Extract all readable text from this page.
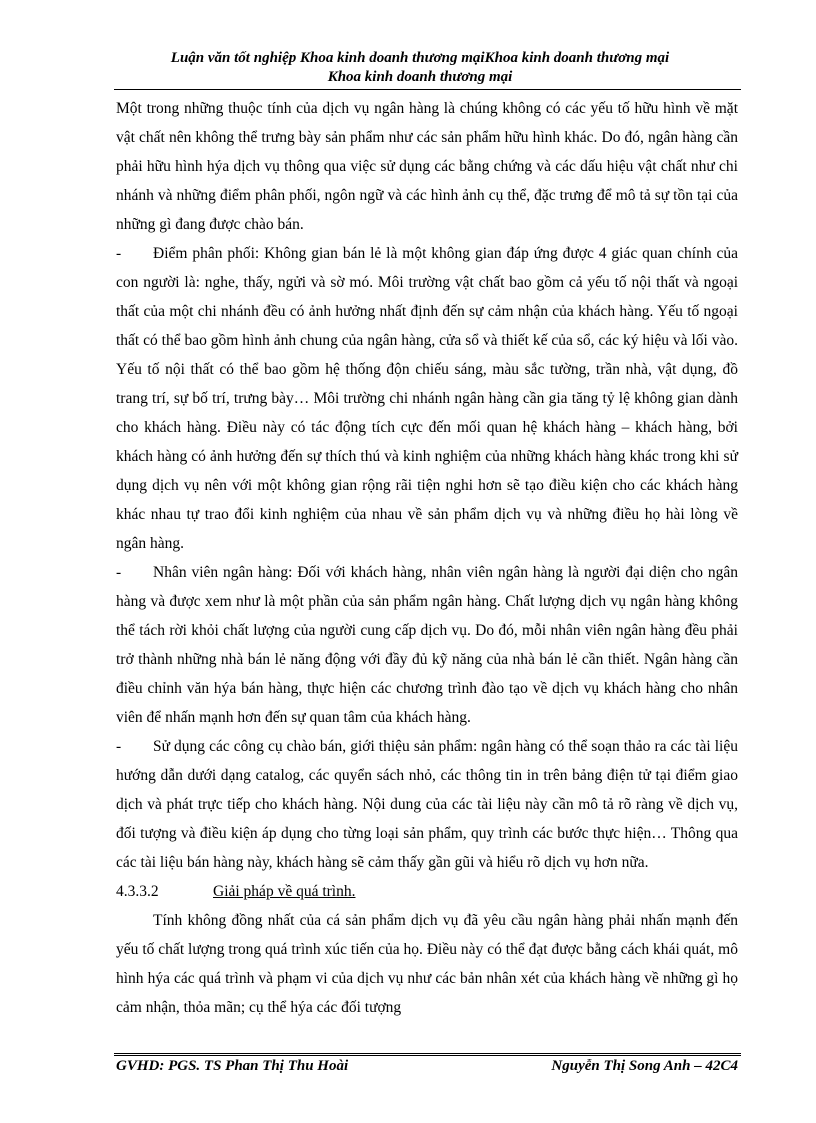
Luận văn tốt nghiệp Khoa kinh doanh thương mạiKhoa kinh doanh thương mại
Khoa kinh doanh thương mại

Một trong những thuộc tính của dịch vụ ngân hàng là chúng không có các yếu tố hữu hình về mặt vật chất nên không thể trưng bày sản phẩm như các sản phẩm hữu hình khác. Do đó, ngân hàng cần phải hữu hình hýa dịch vụ thông qua việc sử dụng các bằng chứng và các dấu hiệu vật chất như chi nhánh và những điểm phân phối, ngôn ngữ và các hình ảnh cụ thể, đặc trưng để mô tả sự tồn tại của những gì đang được chào bán.

- Điểm phân phối: Không gian bán lẻ là một không gian đáp ứng được 4 giác quan chính của con người là: nghe, thấy, ngửi và sờ mó. Môi trường vật chất bao gồm cả yếu tố nội thất và ngoại thất của một chi nhánh đều có ảnh hưởng nhất định đến sự cảm nhận của khách hàng. Yếu tố ngoại thất có thể bao gồm hình ảnh chung của ngân hàng, cửa sổ và thiết kế của sổ, các ký hiệu và lối vào. Yếu tố nội thất có thể bao gồm hệ thống độn chiếu sáng, màu sắc tường, trần nhà, vật dụng, đồ trang trí, sự bố trí, trưng bày… Môi trường chi nhánh ngân hàng cần gia tăng tỷ lệ không gian dành cho khách hàng. Điều này có tác động tích cực đến mối quan hệ khách hàng – khách hàng, bởi khách hàng có ảnh hưởng đến sự thích thú và kinh nghiệm của những khách hàng khác trong khi sử dụng dịch vụ nên với một không gian rộng rãi tiện nghi hơn sẽ tạo điều kiện cho các khách hàng khác nhau tự trao đổi kinh nghiệm của nhau về sản phẩm dịch vụ và những điều họ hài lòng về ngân hàng.

- Nhân viên ngân hàng: Đối với khách hàng, nhân viên ngân hàng là người đại diện cho ngân hàng và được xem như là một phần của sản phẩm ngân hàng. Chất lượng dịch vụ ngân hàng không thể tách rời khỏi chất lượng của người cung cấp dịch vụ. Do đó, mỗi nhân viên ngân hàng đều phải trở thành những nhà bán lẻ năng động với đầy đủ kỹ năng của nhà bán lẻ cần thiết. Ngân hàng cần điều chỉnh văn hýa bán hàng, thực hiện các chương trình đào tạo về dịch vụ khách hàng cho nhân viên để nhấn mạnh hơn đến sự quan tâm của khách hàng.

- Sử dụng các công cụ chào bán, giới thiệu sản phẩm: ngân hàng có thể soạn thảo ra các tài liệu hướng dẫn dưới dạng catalog, các quyển sách nhỏ, các thông tin in trên bảng điện tử tại điểm giao dịch và phát trực tiếp cho khách hàng. Nội dung của các tài liệu này cần mô tả rõ ràng về dịch vụ, đối tượng và điều kiện áp dụng cho từng loại sản phẩm, quy trình các bước thực hiện… Thông qua các tài liệu bán hàng này, khách hàng sẽ cảm thấy gần gũi và hiểu rõ dịch vụ hơn nữa.

4.3.3.2	Giải pháp về quá trình.

Tính không đồng nhất của cá sản phẩm dịch vụ đã yêu cầu ngân hàng phải nhấn mạnh đến yếu tố chất lượng trong quá trình xúc tiến của họ. Điều này có thể đạt được bằng cách khái quát, mô hình hýa các quá trình và phạm vi của dịch vụ như các bản nhân xét của khách hàng về những gì họ cảm nhận, thỏa mãn; cụ thể hýa các đối tượng

GVHD: PGS. TS Phan Thị Thu Hoài	Nguyễn Thị Song Anh – 42C4
